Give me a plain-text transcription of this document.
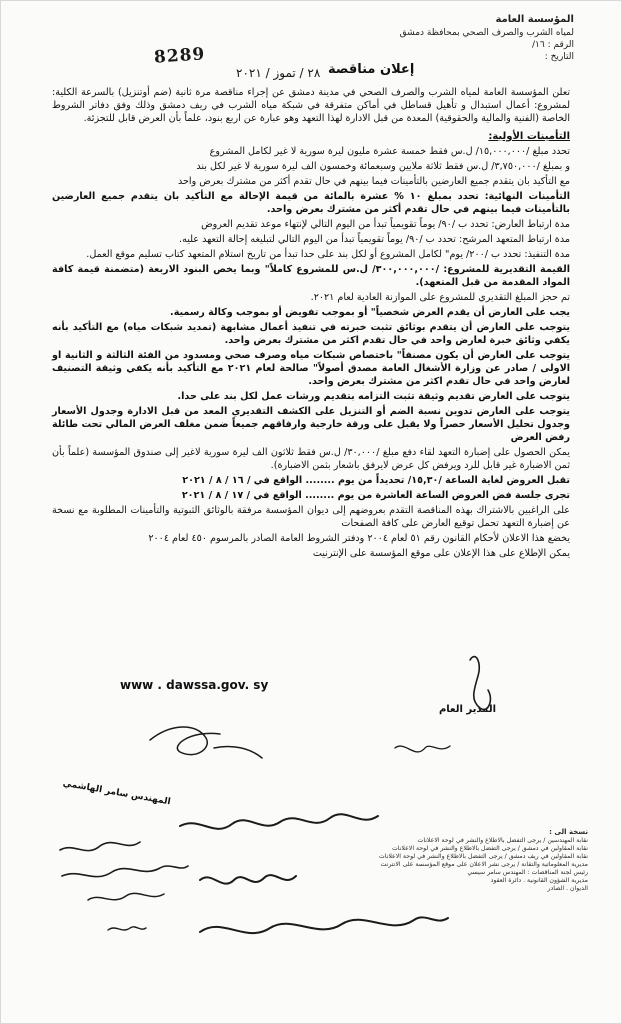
المؤسسة العامة
لمياه الشرب والصرف الصحي بمحافظة دمشق
الرقم : ١٦/
التاريخ :
8289
٢٨ / تموز / ٢٠٢١ إعلان مناقصة

تعلن المؤسسة العامة لمياه الشرب والصرف الصحي في مدينة دمشق عن إجراء مناقصة مرة ثانية (ضم أوتنزيل) بالسرعة الكلية: لمشروع: أعمال استبدال و تأهيل قساطل في أماكن متفرقة في شبكة مياه الشرب في ريف دمشق وذلك وفق دفاتر الشروط الخاصة (الفنية والمالية والحقوقية) المعدة من قبل الادارة لهذا التعهد وهو عبارة عن اربع بنود، علماً بأن العرض قابل للتجزئة.

التأمينات الأولية:

تحدد مبلغ /١٥,٠٠٠,٠٠٠/ ل.س فقط خمسة عشرة مليون ليرة سورية لا غير لكامل المشروع

و بمبلغ /٣,٧٥٠,٠٠٠/ ل.س فقط ثلاثة ملايين وسبعمائة وخمسون الف ليرة سورية لا غير لكل بند

مع التأكيد بان يتقدم جميع العارضين بالتأمينات فيما بينهم في حال تقدم أكثر من مشترك بعرض واحد

التأمينات النهائية: تحدد بمبلغ ١٠ % عشرة بالمائة من قيمة الإحالة مع التأكيد بان يتقدم جميع العارضين بالتأمينات فيما بينهم في حال تقدم أكثر من مشترك بعرض واحد.

مدة ارتباط العارض: تحدد ب /٩٠/ يوماً تقويمياً تبدأ من اليوم التالي لإنتهاء موعد تقديم العروض

مدة ارتباط المتعهد المرشح: تحدد ب /٩٠/ يوماً تقويمياً تبدأ من اليوم التالي لتبليغه إحالة التعهد عليه.

مدة التنفيذ: تحدد ب /٢٠٠/ يوم" لكامل المشروع أو لكل بند على حدا تبدأ من تاريخ استلام المتعهد كتاب تسليم موقع العمل.

القيمة التقديرية للمشروع: /٣٠٠,٠٠٠,٠٠٠/ ل.س للمشروع كاملاً" وبما يخص البنود الاربعة (متضمنة قيمة كافة المواد المقدمة من قبل المتعهد).

تم حجز المبلغ التقديري للمشروع على الموازنة العادية لعام ٢٠٢١.

يجب على العارض أن يقدم العرض شخصياً" أو بموجب تفويض أو بموجب وكالة رسمية.

يتوجب على العارض أن يتقدم بوثائق تثبت خبرته في تنفيذ أعمال مشابهة (تمديد شبكات مياه) مع التأكيد بأنه يكفي وثائق خبرة لعارض واحد في حال تقدم اكثر من مشترك بعرض واحد.

يتوجب على العارض أن يكون مصنفاً" باختصاص شبكات مياه وصرف صحي ومسدود من الفئة الثالثة و الثانية او الاولى / صادر عن وزارة الأشغال العامة مصدق أصولاً" صالحة لعام ٢٠٢١ مع التأكيد بأنه يكفي وثيقة التصنيف لعارض واحد في حال تقدم اكثر من مشترك بعرض واحد.

يتوجب على العارض تقديم وثيقة تثبت التزامه بتقديم ورشات عمل لكل بند على حدا.

يتوجب على العارض تدوين نسبة الضم أو التنزيل على الكشف التقديري المعد من قبل الادارة وجدول الأسعار وجدول تحليل الأسعار حصراً ولا يقبل على ورقة خارجية وارفاقهم جميعاً ضمن مغلف العرض المالي تحت طائلة رفض العرض

يمكن الحصول على إضبارة التعهد لقاء دفع مبلغ /٣٠,٠٠٠/ ل.س فقط ثلاثون الف ليرة سورية لاغير إلى صندوق المؤسسة (علماً بأن ثمن الاضبارة غير قابل للرد ويرفض كل عرض لايرفق باشعار بثمن الاضبارة).

تقبل العروض لغاية الساعة /١٥,٣٠/ تحديداً من يوم ........ الواقع في / ١٦ / ٨ / ٢٠٢١

تجرى جلسة فض العروض الساعة العاشرة من يوم ........ الواقع في / ١٧ / ٨ / ٢٠٢١

على الراغبين بالاشتراك بهذه المناقصة التقدم بعروضهم إلى ديوان المؤسسة مرفقة بالوثائق الثبوتية والتأمينات المطلوبة مع نسخة عن إضبارة التعهد تحمل توقيع العارض على كافة الصفحات

يخضع هذا الاعلان لأحكام القانون رقم ٥١ لعام ٢٠٠٤ ودفتر الشروط العامة الصادر بالمرسوم ٤٥٠ لعام ٢٠٠٤

يمكن الإطلاع على هذا الإعلان على موقع المؤسسة على الإنترنيت

www . dawssa.gov. sy
المدير العام
المهندس سامر الهاشمي
نسخة الى :
نقابة المهندسين / يرجى التفضل بالاطلاع والنشر في لوحة الاعلانات
نقابة المقاولين في دمشق / يرجى التفضل بالاطلاع والنشر في لوحة الاعلانات
نقابة المقاولين في ريف دمشق / يرجى التفضل بالاطلاع والنشر في لوحة الاعلانات
مديرية المعلوماتية والتقانة / يرجى نشر الاعلان على موقع المؤسسة على الانترنت
رئيس لجنة المناقصات : المهندس سامر سيسي
مديرية الشؤون القانونية . دائرة العقود
الديوان . الصادر
